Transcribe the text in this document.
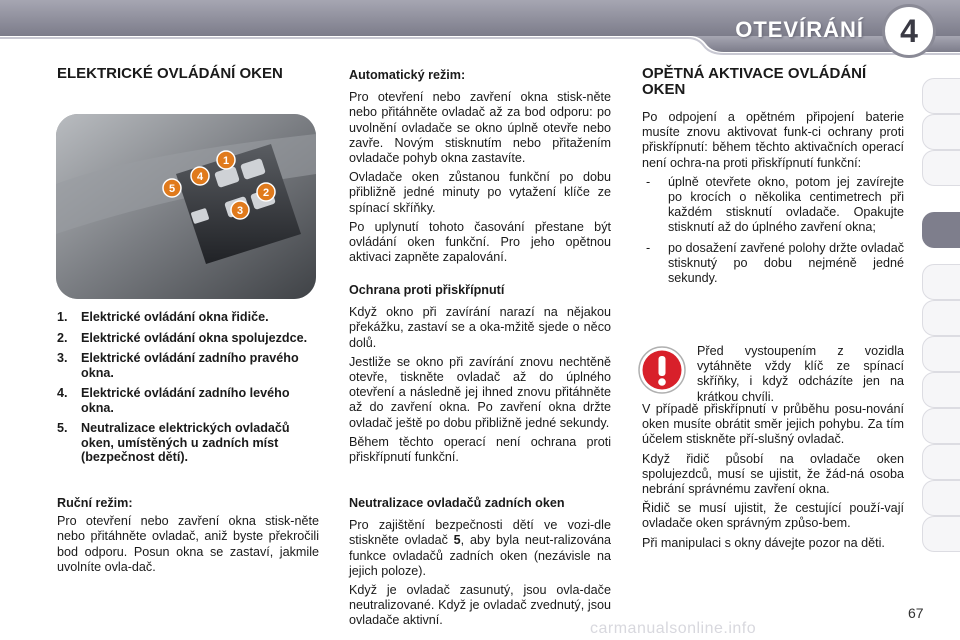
OTEVÍRÁNÍ	4
ELEKTRICKÉ OVLÁDÁNÍ OKEN
1
2
3
4
5
1. Elektrické ovládání okna řidiče.
2. Elektrické ovládání okna spolujezdce.
3. Elektrické ovládání zadního pravého okna.
4. Elektrické ovládání zadního levého okna.
5. Neutralizace elektrických ovladačů oken, umístěných u zadních míst (bezpečnost dětí).
Ruční režim:

Pro otevření nebo zavření okna stisk-něte nebo přitáhněte ovladač, aniž byste překročili bod odporu. Posun okna se zastaví, jakmile uvolníte ovla-dač.

Automatický režim:

Pro otevření nebo zavření okna stisk-něte nebo přitáhněte ovladač až za bod odporu: po uvolnění ovladače se okno úplně otevře nebo zavře. Novým stisknutím nebo přitažením ovladače pohyb okna zastavíte.

Ovladače oken zůstanou funkční po dobu přibližně jedné minuty po vytažení klíče ze spínací skříňky.

Po uplynutí tohoto časování přestane být ovládání oken funkční. Pro jeho opětnou aktivaci zapněte zapalování.

Ochrana proti přiskřípnutí

Když okno při zavírání narazí na nějakou překážku, zastaví se a oka-mžitě sjede o něco dolů.

Jestliže se okno při zavírání znovu nechtěně otevře, tiskněte ovladač až do úplného otevření a následně jej ihned znovu přitáhněte až do zavření okna. Po zavření okna držte ovladač ještě po dobu přibližně jedné sekundy.

Během těchto operací není ochrana proti přiskřípnutí funkční.

Neutralizace ovladačů zadních oken

Pro zajištění bezpečnosti dětí ve vozi-dle stiskněte ovladač 5, aby byla neut-ralizována funkce ovladačů zadních oken (nezávisle na jejich poloze).

Když je ovladač zasunutý, jsou ovla-dače neutralizované. Když je ovladač zvednutý, jsou ovladače aktivní.

OPĚTNÁ AKTIVACE OVLÁDÁNÍ OKEN

Po odpojení a opětném připojení baterie musíte znovu aktivovat funk-ci ochrany proti přiskřípnutí: během těchto aktivačních operací není ochra-na proti přiskřípnutí funkční:

- úplně otevřete okno, potom jej zavírejte po krocích o několika centimetrech při každém stisknutí ovladače. Opakujte stisknutí až do úplného zavření okna;
- po dosažení zavřené polohy držte ovladač stisknutý po dobu nejméně jedné sekundy.

Před vystoupením z vozidla vytáhněte vždy klíč ze spínací skříňky, i když odcházíte jen na krátkou chvíli.

V případě přiskřípnutí v průběhu posu-nování oken musíte obrátit směr jejich pohybu. Za tím účelem stiskněte pří-slušný ovladač.

Když řidič působí na ovladače oken spolujezdců, musí se ujistit, že žád-ná osoba nebrání správnému zavření okna.

Řidič se musí ujistit, že cestující použí-vají ovladače oken správným způso-bem.

Při manipulaci s okny dávejte pozor na děti.

67
carmanualsonline.info
